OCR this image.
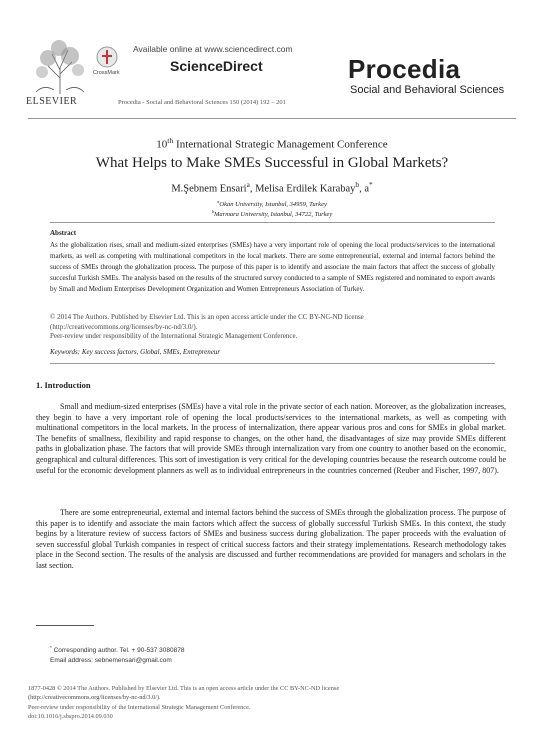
ELSEVIER
CrossMark
Available online at www.sciencedirect.com
ScienceDirect
Procedia - Social and Behavioral Sciences 150 (2014) 192 – 201
Procedia
Social and Behavioral Sciences
10th International Strategic Management Conference
What Helps to Make SMEs Successful in Global Markets?
M.Şebnem Ensari$^a$, Melisa Erdilek Karabay$^b$, a*
$^a$Okan University, Istanbul, 34959, Turkey
$^b$Marmara University, Istanbul, 34722, Turkey
Abstract
As the globalization rises, small and medium-sized enterprises (SMEs) have a very important role of opening the local products/services to the international markets, as well as competing with multinational competitors in the local markets. There are some entrepreneurial, external and internal factors behind the success of SMEs through the globalization process. The purpose of this paper is to identify and associate the main factors that affect the success of globally succesful Turkish SMEs. The analysis based on the results of the structured survey conducted to a sample of SMEs registered and nominated to export awards by Small and Medium Enterprises Development Organization and Women Entrepreneurs Association of Turkey.
© 2014 The Authors. Published by Elsevier Ltd. This is an open access article under the CC BY-NC-ND license
(http://creativecommons.org/licenses/by-nc-nd/3.0/).
Peer-review under responsibility of the International Strategic Management Conference.
Keywords: Key success factors, Global, SMEs, Entrepreneur
1. Introduction
Small and medium-sized enterprises (SMEs) have a vital role in the private sector of each nation. Moreover, as the globalization increases, they begin to have a very important role of opening the local products/services to the international markets, as well as competing with multinational competitors in the local markets. In the process of internalization, there appear various pros and cons for SMEs in global market. The benefits of smallness, flexibility and rapid response to changes, on the other hand, the disadvantages of size may provide SMEs different paths in globalization phase. The factors that will provide SMEs through internalization vary from one country to another based on the economic, geographical and cultural differences. This sort of investigation is very critical for the developing countries because the research outcome could be useful for the economic development planners as well as to individual entrepreneurs in the countries concerned (Reuber and Fischer, 1997, 807).
There are some entrepreneurial, external and internal factors behind the success of SMEs through the globalization process. The purpose of this paper is to identify and associate the main factors which affect the success of globally successful Turkish SMEs. In this context, the study begins by a literature review of success factors of SMEs and business success during globalization. The paper proceeds with the evaluation of seven successful global Turkish companies in respect of critical success factors and their strategy implementations. Research methodology takes place in the Second section. The results of the analysis are discussed and further recommendations are provided for managers and scholars in the last section.
* Corresponding author. Tel. + 90-537 3080878
Email address: sebnemensari@gmail.com
1877-0428 © 2014 The Authors. Published by Elsevier Ltd. This is an open access article under the CC BY-NC-ND license
(http://creativecommons.org/licenses/by-nc-nd/3.0/).
Peer-review under responsibility of the International Strategic Management Conference.
doi:10.1016/j.sbspro.2014.09.030
